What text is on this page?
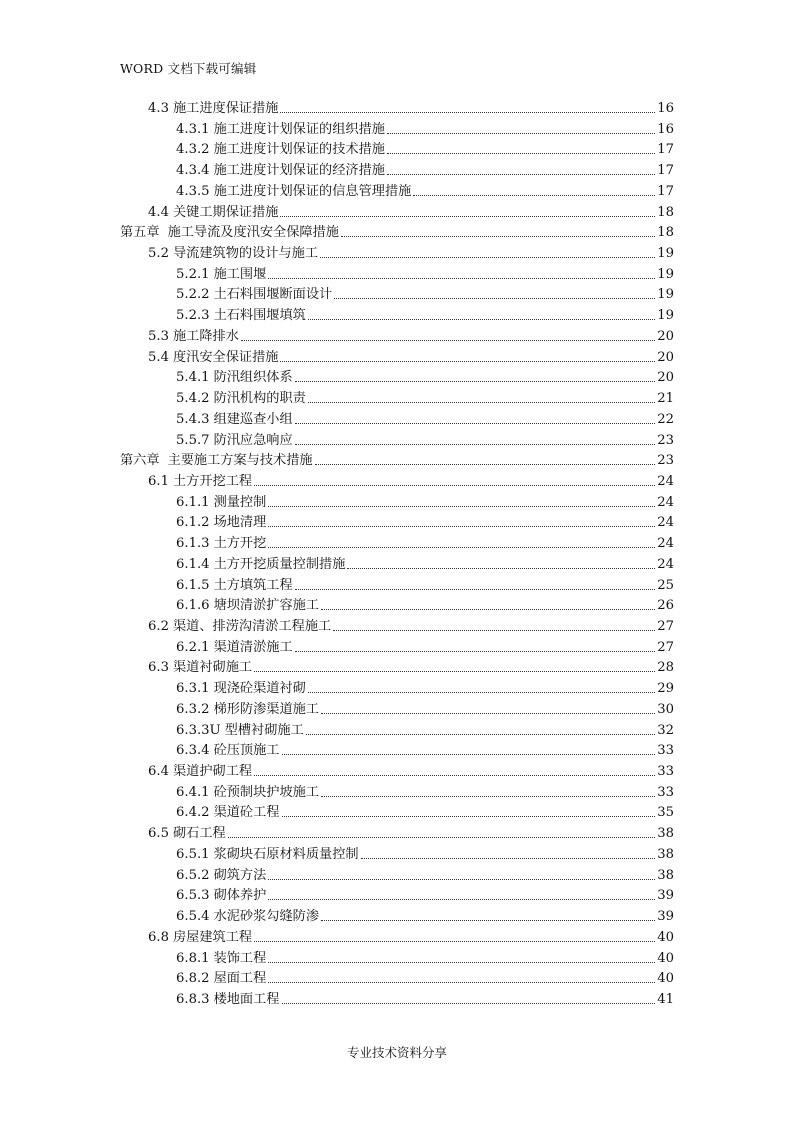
WORD 文档下载可编辑
4.3 施工进度保证措施	16
4.3.1 施工进度计划保证的组织措施	16
4.3.2 施工进度计划保证的技术措施	17
4.3.4 施工进度计划保证的经济措施	17
4.3.5 施工进度计划保证的信息管理措施	17
4.4 关键工期保证措施	18
第五章 施工导流及度汛安全保障措施	18
5.2 导流建筑物的设计与施工	19
5.2.1 施工围堰	19
5.2.2 土石料围堰断面设计	19
5.2.3 土石料围堰填筑	19
5.3 施工降排水	20
5.4 度汛安全保证措施	20
5.4.1 防汛组织体系	20
5.4.2 防汛机构的职责	21
5.4.3 组建巡查小组	22
5.5.7 防汛应急响应	23
第六章 主要施工方案与技术措施	23
6.1 土方开挖工程	24
6.1.1 测量控制	24
6.1.2 场地清理	24
6.1.3 土方开挖	24
6.1.4 土方开挖质量控制措施	24
6.1.5 土方填筑工程	25
6.1.6 塘坝清淤扩容施工	26
6.2 渠道、排涝沟清淤工程施工	27
6.2.1 渠道清淤施工	27
6.3 渠道衬砌施工	28
6.3.1 现浇砼渠道衬砌	29
6.3.2 梯形防渗渠道施工	30
6.3.3U 型槽衬砌施工	32
6.3.4 砼压顶施工	33
6.4 渠道护砌工程	33
6.4.1 砼预制块护坡施工	33
6.4.2 渠道砼工程	35
6.5 砌石工程	38
6.5.1 浆砌块石原材料质量控制	38
6.5.2 砌筑方法	38
6.5.3 砌体养护	39
6.5.4 水泥砂浆勾缝防渗	39
6.8 房屋建筑工程	40
6.8.1 装饰工程	40
6.8.2 屋面工程	40
6.8.3 楼地面工程	41
专业技术资料分享
